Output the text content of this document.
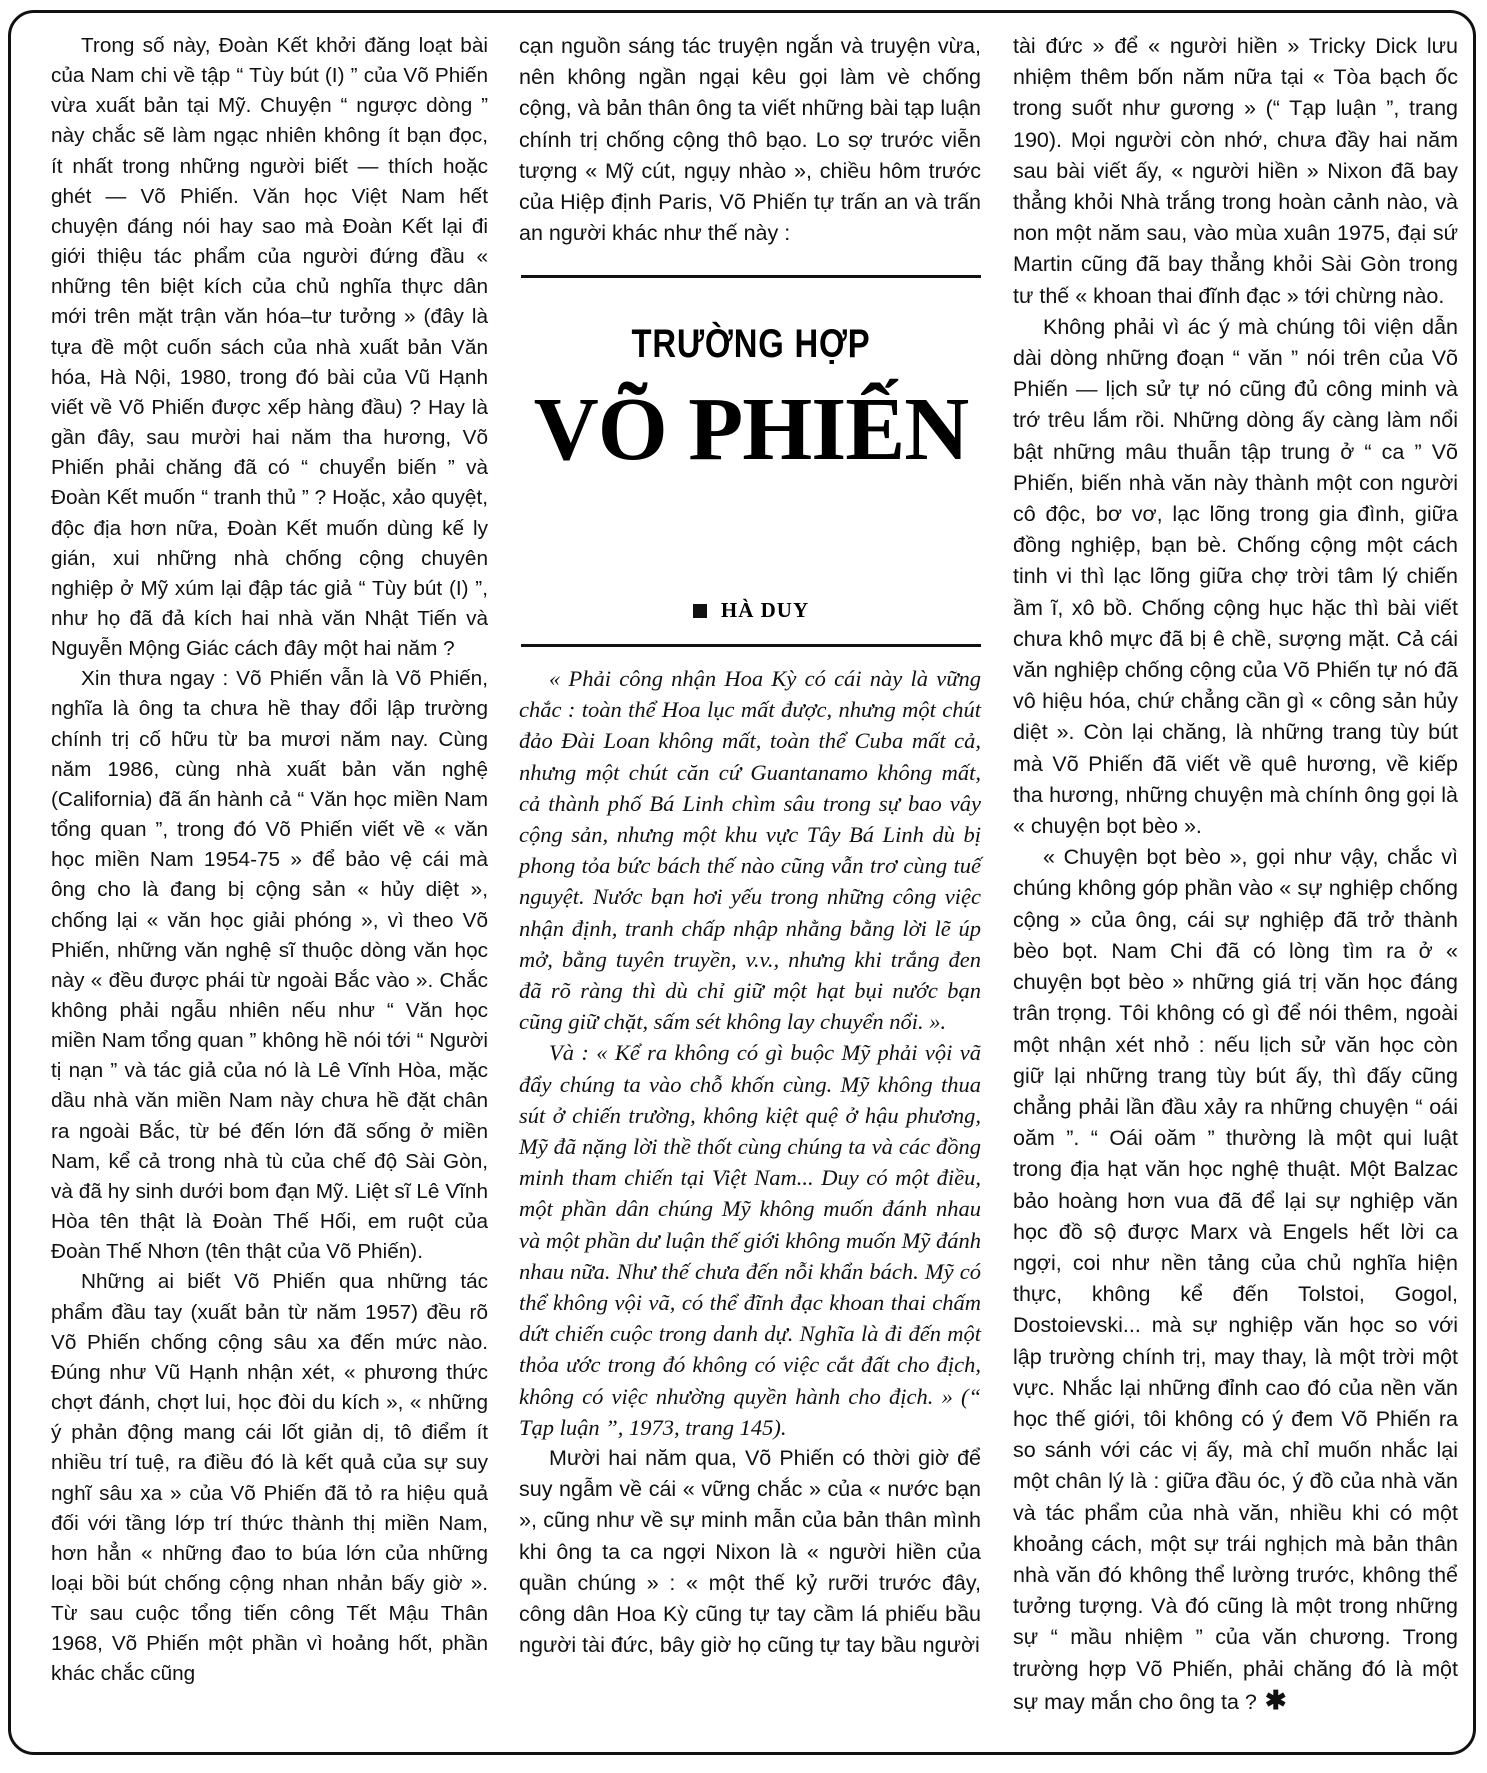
Trong số này, Đoàn Kết khởi đăng loạt bài của Nam chi về tập “ Tùy bút (I) ” của Võ Phiến vừa xuất bản tại Mỹ. Chuyện “ ngược dòng ” này chắc sẽ làm ngạc nhiên không ít bạn đọc, ít nhất trong những người biết — thích hoặc ghét — Võ Phiến. Văn học Việt Nam hết chuyện đáng nói hay sao mà Đoàn Kết lại đi giới thiệu tác phẩm của người đứng đầu « những tên biệt kích của chủ nghĩa thực dân mới trên mặt trận văn hóa–tư tưởng » (đây là tựa đề một cuốn sách của nhà xuất bản Văn hóa, Hà Nội, 1980, trong đó bài của Vũ Hạnh viết về Võ Phiến được xếp hàng đầu) ? Hay là gần đây, sau mười hai năm tha hương, Võ Phiến phải chăng đã có “ chuyển biến ” và Đoàn Kết muốn “ tranh thủ ” ? Hoặc, xảo quyệt, độc địa hơn nữa, Đoàn Kết muốn dùng kế ly gián, xui những nhà chống cộng chuyên nghiệp ở Mỹ xúm lại đập tác giả “ Tùy bút (I) ”, như họ đã đả kích hai nhà văn Nhật Tiến và Nguyễn Mộng Giác cách đây một hai năm ?

Xin thưa ngay : Võ Phiến vẫn là Võ Phiến, nghĩa là ông ta chưa hề thay đổi lập trường chính trị cố hữu từ ba mươi năm nay. Cùng năm 1986, cùng nhà xuất bản văn nghệ (California) đã ấn hành cả “ Văn học miền Nam tổng quan ”, trong đó Võ Phiến viết về « văn học miền Nam 1954-75 » để bảo vệ cái mà ông cho là đang bị cộng sản « hủy diệt », chống lại « văn học giải phóng », vì theo Võ Phiến, những văn nghệ sĩ thuộc dòng văn học này « đều được phái từ ngoài Bắc vào ». Chắc không phải ngẫu nhiên nếu như “ Văn học miền Nam tổng quan ” không hề nói tới “ Người tị nạn ” và tác giả của nó là Lê Vĩnh Hòa, mặc dầu nhà văn miền Nam này chưa hề đặt chân ra ngoài Bắc, từ bé đến lớn đã sống ở miền Nam, kể cả trong nhà tù của chế độ Sài Gòn, và đã hy sinh dưới bom đạn Mỹ. Liệt sĩ Lê Vĩnh Hòa tên thật là Đoàn Thế Hối, em ruột của Đoàn Thế Nhơn (tên thật của Võ Phiến).

Những ai biết Võ Phiến qua những tác phẩm đầu tay (xuất bản từ năm 1957) đều rõ Võ Phiến chống cộng sâu xa đến mức nào. Đúng như Vũ Hạnh nhận xét, « phương thức chợt đánh, chợt lui, học đòi du kích », « những ý phản động mang cái lốt giản dị, tô điểm ít nhiều trí tuệ, ra điều đó là kết quả của sự suy nghĩ sâu xa » của Võ Phiến đã tỏ ra hiệu quả đối với tầng lớp trí thức thành thị miền Nam, hơn hẳn « những đao to búa lớn của những loại bồi bút chống cộng nhan nhản bấy giờ ». Từ sau cuộc tổng tiến công Tết Mậu Thân 1968, Võ Phiến một phần vì hoảng hốt, phần khác chắc cũng

cạn nguồn sáng tác truyện ngắn và truyện vừa, nên không ngần ngại kêu gọi làm vè chống cộng, và bản thân ông ta viết những bài tạp luận chính trị chống cộng thô bạo. Lo sợ trước viễn tượng « Mỹ cút, ngụy nhào », chiều hôm trước của Hiệp định Paris, Võ Phiến tự trấn an và trấn an người khác như thế này :

TRƯỜNG HỢP
VÕ PHIẾN
HÀ DUY

« Phải công nhận Hoa Kỳ có cái này là vững chắc : toàn thể Hoa lục mất được, nhưng một chút đảo Đài Loan không mất, toàn thể Cuba mất cả, nhưng một chút căn cứ Guantanamo không mất, cả thành phố Bá Linh chìm sâu trong sự bao vây cộng sản, nhưng một khu vực Tây Bá Linh dù bị phong tỏa bức bách thế nào cũng vẫn trơ cùng tuế nguyệt. Nước bạn hơi yếu trong những công việc nhận định, tranh chấp nhập nhằng bằng lời lẽ úp mở, bằng tuyên truyền, v.v., nhưng khi trắng đen đã rõ ràng thì dù chỉ giữ một hạt bụi nước bạn cũng giữ chặt, sấm sét không lay chuyển nổi. ».

Và : « Kể ra không có gì buộc Mỹ phải vội vã đẩy chúng ta vào chỗ khốn cùng. Mỹ không thua sút ở chiến trường, không kiệt quệ ở hậu phương, Mỹ đã nặng lời thề thốt cùng chúng ta và các đồng minh tham chiến tại Việt Nam... Duy có một điều, một phần dân chúng Mỹ không muốn đánh nhau và một phần dư luận thế giới không muốn Mỹ đánh nhau nữa. Như thế chưa đến nỗi khẩn bách. Mỹ có thể không vội vã, có thể đĩnh đạc khoan thai chấm dứt chiến cuộc trong danh dự. Nghĩa là đi đến một thỏa ước trong đó không có việc cắt đất cho địch, không có việc nhường quyền hành cho địch. » (“ Tạp luận ”, 1973, trang 145).

Mười hai năm qua, Võ Phiến có thời giờ để suy ngẫm về cái « vững chắc » của « nước bạn », cũng như về sự minh mẫn của bản thân mình khi ông ta ca ngợi Nixon là « người hiền của quần chúng » : « một thế kỷ rưỡi trước đây, công dân Hoa Kỳ cũng tự tay cầm lá phiếu bầu người tài đức, bây giờ họ cũng tự tay bầu người

tài đức » để « người hiền » Tricky Dick lưu nhiệm thêm bốn năm nữa tại « Tòa bạch ốc trong suốt như gương » (“ Tạp luận ”, trang 190). Mọi người còn nhớ, chưa đầy hai năm sau bài viết ấy, « người hiền » Nixon đã bay thẳng khỏi Nhà trắng trong hoàn cảnh nào, và non một năm sau, vào mùa xuân 1975, đại sứ Martin cũng đã bay thẳng khỏi Sài Gòn trong tư thế « khoan thai đĩnh đạc » tới chừng nào.

Không phải vì ác ý mà chúng tôi viện dẫn dài dòng những đoạn “ văn ” nói trên của Võ Phiến — lịch sử tự nó cũng đủ công minh và trớ trêu lắm rồi. Những dòng ấy càng làm nổi bật những mâu thuẫn tập trung ở “ ca ” Võ Phiến, biến nhà văn này thành một con người cô độc, bơ vơ, lạc lõng trong gia đình, giữa đồng nghiệp, bạn bè. Chống cộng một cách tinh vi thì lạc lõng giữa chợ trời tâm lý chiến ầm ĩ, xô bồ. Chống cộng hục hặc thì bài viết chưa khô mực đã bị ê chề, sượng mặt. Cả cái văn nghiệp chống cộng của Võ Phiến tự nó đã vô hiệu hóa, chứ chẳng cần gì « công sản hủy diệt ». Còn lại chăng, là những trang tùy bút mà Võ Phiến đã viết về quê hương, về kiếp tha hương, những chuyện mà chính ông gọi là « chuyện bọt bèo ».

« Chuyện bọt bèo », gọi như vậy, chắc vì chúng không góp phần vào « sự nghiệp chống cộng » của ông, cái sự nghiệp đã trở thành bèo bọt. Nam Chi đã có lòng tìm ra ở « chuyện bọt bèo » những giá trị văn học đáng trân trọng. Tôi không có gì để nói thêm, ngoài một nhận xét nhỏ : nếu lịch sử văn học còn giữ lại những trang tùy bút ấy, thì đấy cũng chẳng phải lần đầu xảy ra những chuyện “ oái oăm ”. “ Oái oăm ” thường là một qui luật trong địa hạt văn học nghệ thuật. Một Balzac bảo hoàng hơn vua đã để lại sự nghiệp văn học đồ sộ được Marx và Engels hết lời ca ngợi, coi như nền tảng của chủ nghĩa hiện thực, không kể đến Tolstoi, Gogol, Dostoievski... mà sự nghiệp văn học so với lập trường chính trị, may thay, là một trời một vực. Nhắc lại những đỉnh cao đó của nền văn học thế giới, tôi không có ý đem Võ Phiến ra so sánh với các vị ấy, mà chỉ muốn nhắc lại một chân lý là : giữa đầu óc, ý đồ của nhà văn và tác phẩm của nhà văn, nhiều khi có một khoảng cách, một sự trái nghịch mà bản thân nhà văn đó không thể lường trước, không thể tưởng tượng. Và đó cũng là một trong những sự “ mầu nhiệm ” của văn chương. Trong trường hợp Võ Phiến, phải chăng đó là một sự may mắn cho ông ta ? ✱
